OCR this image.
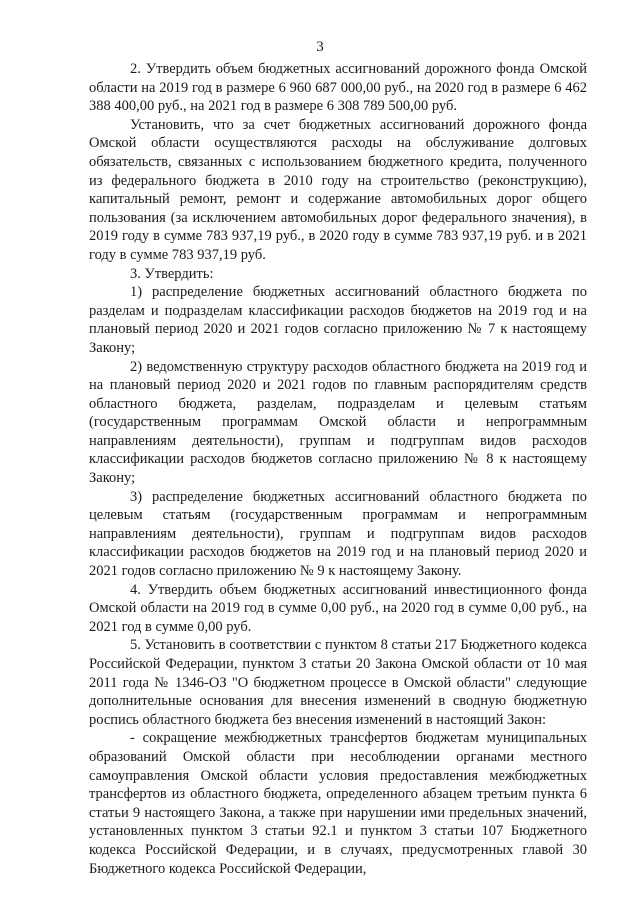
3

2. Утвердить объем бюджетных ассигнований дорожного фонда Омской области на 2019 год в размере 6 960 687 000,00 руб., на 2020 год в размере 6 462 388 400,00 руб., на 2021 год в размере 6 308 789 500,00 руб.

Установить, что за счет бюджетных ассигнований дорожного фонда Омской области осуществляются расходы на обслуживание долговых обязательств, связанных с использованием бюджетного кредита, полученного из федерального бюджета в 2010 году на строительство (реконструкцию), капитальный ремонт, ремонт и содержание автомобильных дорог общего пользования (за исключением автомобильных дорог федерального значения), в 2019 году в сумме 783 937,19 руб., в 2020 году в сумме 783 937,19 руб. и в 2021 году в сумме 783 937,19 руб.

3. Утвердить:

1) распределение бюджетных ассигнований областного бюджета по разделам и подразделам классификации расходов бюджетов на 2019 год и на плановый период 2020 и 2021 годов согласно приложению № 7 к настоящему Закону;

2) ведомственную структуру расходов областного бюджета на 2019 год и на плановый период 2020 и 2021 годов по главным распорядителям средств областного бюджета, разделам, подразделам и целевым статьям (государственным программам Омской области и непрограммным направлениям деятельности), группам и подгруппам видов расходов классификации расходов бюджетов согласно приложению № 8 к настоящему Закону;

3) распределение бюджетных ассигнований областного бюджета по целевым статьям (государственным программам и непрограммным направлениям деятельности), группам и подгруппам видов расходов классификации расходов бюджетов на 2019 год и на плановый период 2020 и 2021 годов согласно приложению № 9 к настоящему Закону.

4. Утвердить объем бюджетных ассигнований инвестиционного фонда Омской области на 2019 год в сумме 0,00 руб., на 2020 год в сумме 0,00 руб., на 2021 год в сумме 0,00 руб.

5. Установить в соответствии с пунктом 8 статьи 217 Бюджетного кодекса Российской Федерации, пунктом 3 статьи 20 Закона Омской области от 10 мая 2011 года № 1346-ОЗ "О бюджетном процессе в Омской области" следующие дополнительные основания для внесения изменений в сводную бюджетную роспись областного бюджета без внесения изменений в настоящий Закон:

- сокращение межбюджетных трансфертов бюджетам муниципальных образований Омской области при несоблюдении органами местного самоуправления Омской области условия предоставления межбюджетных трансфертов из областного бюджета, определенного абзацем третьим пункта 6 статьи 9 настоящего Закона, а также при нарушении ими предельных значений, установленных пунктом 3 статьи 92.1 и пунктом 3 статьи 107 Бюджетного кодекса Российской Федерации, и в случаях, предусмотренных главой 30 Бюджетного кодекса Российской Федерации,
